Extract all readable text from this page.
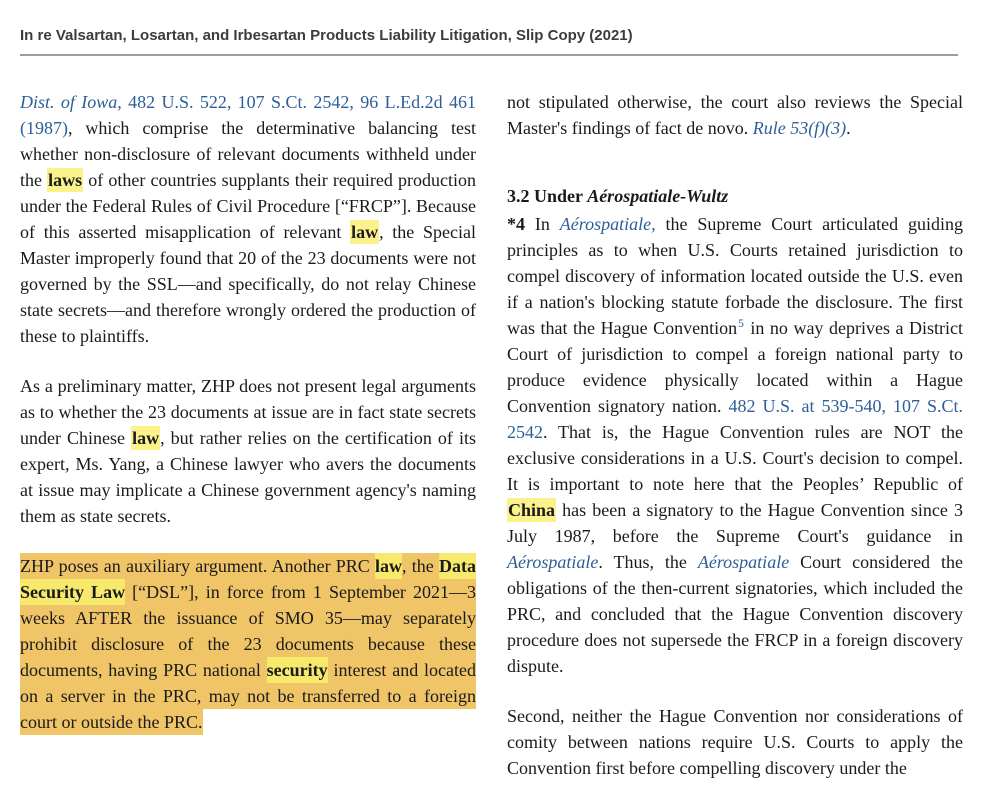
In re Valsartan, Losartan, and Irbesartan Products Liability Litigation, Slip Copy (2021)

Dist. of Iowa, 482 U.S. 522, 107 S.Ct. 2542, 96 L.Ed.2d 461 (1987), which comprise the determinative balancing test whether non-disclosure of relevant documents withheld under the laws of other countries supplants their required production under the Federal Rules of Civil Procedure [“FRCP”]. Because of this asserted misapplication of relevant law, the Special Master improperly found that 20 of the 23 documents were not governed by the SSL—and specifically, do not relay Chinese state secrets—and therefore wrongly ordered the production of these to plaintiffs.

As a preliminary matter, ZHP does not present legal arguments as to whether the 23 documents at issue are in fact state secrets under Chinese law, but rather relies on the certification of its expert, Ms. Yang, a Chinese lawyer who avers the documents at issue may implicate a Chinese government agency's naming them as state secrets.

ZHP poses an auxiliary argument. Another PRC law, the Data Security Law [“DSL”], in force from 1 September 2021—3 weeks AFTER the issuance of SMO 35—may separately prohibit disclosure of the 23 documents because these documents, having PRC national security interest and located on a server in the PRC, may not be transferred to a foreign court or outside the PRC.

not stipulated otherwise, the court also reviews the Special Master's findings of fact de novo. Rule 53(f)(3).

3.2 Under Aérospatiale-Wultz

*4 In Aérospatiale, the Supreme Court articulated guiding principles as to when U.S. Courts retained jurisdiction to compel discovery of information located outside the U.S. even if a nation's blocking statute forbade the disclosure. The first was that the Hague Convention$^5$ in no way deprives a District Court of jurisdiction to compel a foreign national party to produce evidence physically located within a Hague Convention signatory nation. 482 U.S. at 539-540, 107 S.Ct. 2542. That is, the Hague Convention rules are NOT the exclusive considerations in a U.S. Court's decision to compel. It is important to note here that the Peoples’ Republic of China has been a signatory to the Hague Convention since 3 July 1987, before the Supreme Court's guidance in Aérospatiale. Thus, the Aérospatiale Court considered the obligations of the then-current signatories, which included the PRC, and concluded that the Hague Convention discovery procedure does not supersede the FRCP in a foreign discovery dispute.

Second, neither the Hague Convention nor considerations of comity between nations require U.S. Courts to apply the Convention first before compelling discovery under the
